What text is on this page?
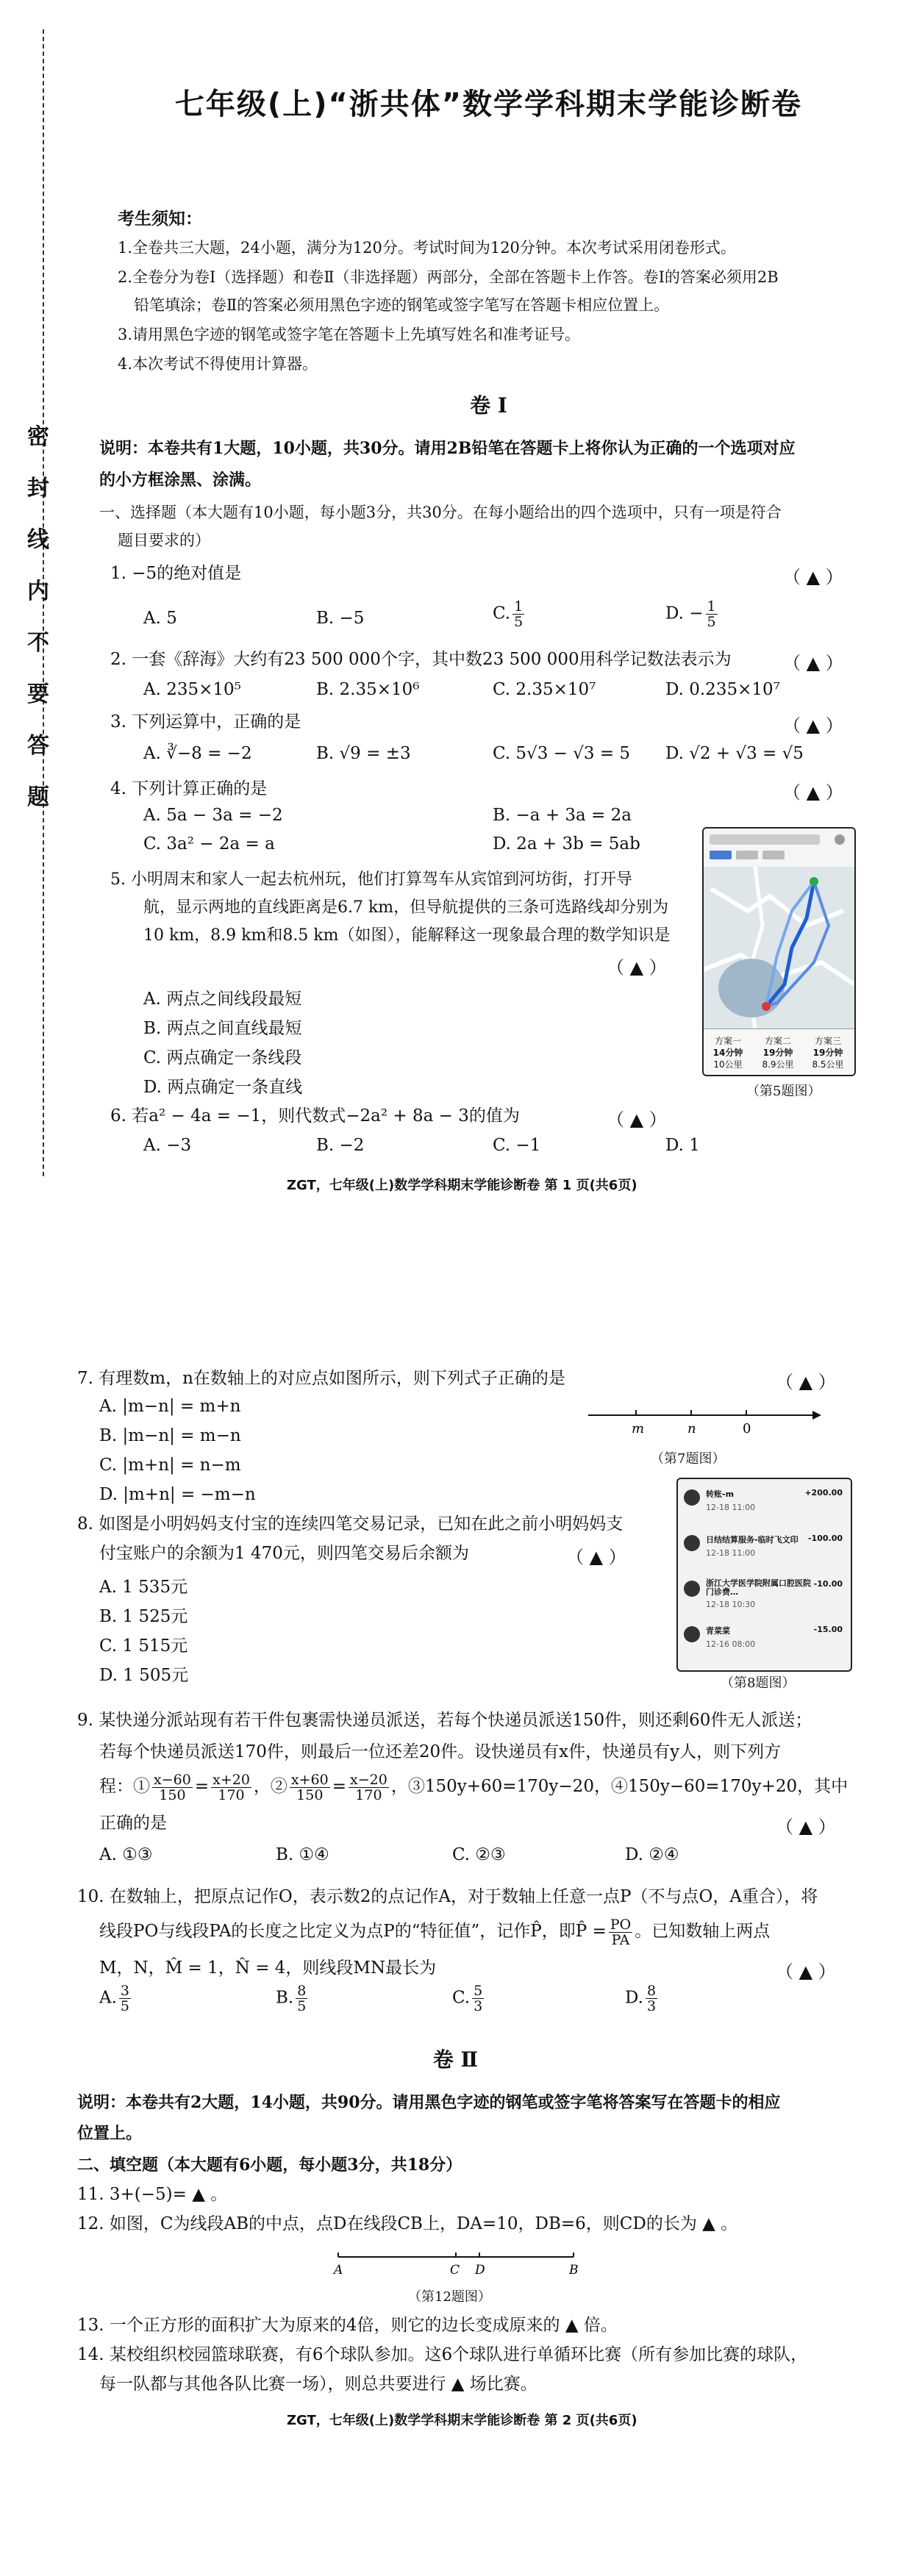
密
封
线
内
不
要
答
题
七年级(上)“浙共体”数学学科期末学能诊断卷
考生须知：
1.全卷共三大题，24小题，满分为120分。考试时间为120分钟。本次考试采用闭卷形式。
2.全卷分为卷Ⅰ（选择题）和卷Ⅱ（非选择题）两部分，全部在答题卡上作答。卷Ⅰ的答案必须用2B
铅笔填涂；卷Ⅱ的答案必须用黑色字迹的钢笔或签字笔写在答题卡相应位置上。
3.请用黑色字迹的钢笔或签字笔在答题卡上先填写姓名和准考证号。
4.本次考试不得使用计算器。
卷 Ⅰ
说明：本卷共有1大题，10小题，共30分。请用2B铅笔在答题卡上将你认为正确的一个选项对应
的小方框涂黑、涂满。
一、选择题（本大题有10小题，每小题3分，共30分。在每小题给出的四个选项中，只有一项是符合
题目要求的）
1. −5的绝对值是	（ ▲ ）
A. 5	B. −5	C. $\frac{1}{5}$	D. − $\frac{1}{5}$
2. 一套《辞海》大约有23 500 000个字，其中数23 500 000用科学记数法表示为	（ ▲ ）
A. 235×10⁵	B. 2.35×10⁶	C. 2.35×10⁷	D. 0.235×10⁷
3. 下列运算中，正确的是	（ ▲ ）
A. ∛−8 = −2	B. √9 = ±3	C. 5√3 − √3 = 5 D. √2 + √3 = √5
4. 下列计算正确的是	（ ▲ ）
A. 5a − 3a = −2	B. −a + 3a = 2a
C. 3a² − 2a = a	D. 2a + 3b = 5ab
5. 小明周末和家人一起去杭州玩，他们打算驾车从宾馆到河坊街，打开导
航，显示两地的直线距离是6.7 km，但导航提供的三条可选路线却分别为
10 km，8.9 km和8.5 km（如图），能解释这一现象最合理的数学知识是
（ ▲ ）
A. 两点之间线段最短
B. 两点之间直线最短
C. 两点确定一条线段
D. 两点确定一条直线
方案一
14分钟
10公里
方案二
19分钟
8.9公里
方案三
19分钟
8.5公里
（第5题图）
6. 若a² − 4a = −1，则代数式−2a² + 8a − 3的值为	（ ▲ ）
A. −3	B. −2	C. −1	D. 1
ZGT，七年级(上)数学学科期末学能诊断卷 第 1 页(共6页)
7. 有理数m，n在数轴上的对应点如图所示，则下列式子正确的是	（ ▲ ）
A. |m−n| = m+n
B. |m−n| = m−n
C. |m+n| = n−m
D. |m+n| = −m−n
m	n	0
（第7题图）
8. 如图是小明妈妈支付宝的连续四笔交易记录，已知在此之前小明妈妈支
付宝账户的余额为1 470元，则四笔交易后余额为	（ ▲ ）
A. 1 535元
B. 1 525元
C. 1 515元
D. 1 505元
转账-m
12-18 11:00
+200.00
日结结算服务-临时飞文印
12-18 11:00
-100.00
浙江大学医学院附属口腔医院门诊费…
12-18 10:30
-10.00
青菜菜
12-16 08:00
-15.00
（第8题图）
9. 某快递分派站现有若干件包裹需快递员派送，若每个快递员派送150件，则还剩60件无人派送；
若每个快递员派送170件，则最后一位还差20件。设快递员有x件，快递员有y人，则下列方
程：① $\frac{x-60}{150} = \frac{x+20}{170}$ ，② $\frac{x+60}{150} = \frac{x-20}{170}$ ，③150y+60=170y−20，④150y−60=170y+20，其中
正确的是	（ ▲ ）
A. ①③	B. ①④	C. ②③	D. ②④
10. 在数轴上，把原点记作O，表示数2的点记作A，对于数轴上任意一点P（不与点O，A重合），将
线段PO与线段PA的长度之比定义为点P的“特征值”，记作P̂，即P̂ = $\frac{PO}{PA}$ 。已知数轴上两点
M，N，M̂ = 1，N̂ = 4，则线段MN最长为	（ ▲ ）
A. $\frac{3}{5}$	B. $\frac{8}{5}$	C. $\frac{5}{3}$	D. $\frac{8}{3}$
卷 Ⅱ
说明：本卷共有2大题，14小题，共90分。请用黑色字迹的钢笔或签字笔将答案写在答题卡的相应
位置上。
二、填空题（本大题有6小题，每小题3分，共18分）
11. 3+(−5)= ▲ 。
12. 如图，C为线段AB的中点，点D在线段CB上，DA=10，DB=6，则CD的长为 ▲ 。
A	C D	B
（第12题图）
13. 一个正方形的面积扩大为原来的4倍，则它的边长变成原来的 ▲ 倍。
14. 某校组织校园篮球联赛，有6个球队参加。这6个球队进行单循环比赛（所有参加比赛的球队，
每一队都与其他各队比赛一场），则总共要进行 ▲ 场比赛。
ZGT，七年级(上)数学学科期末学能诊断卷 第 2 页(共6页)
